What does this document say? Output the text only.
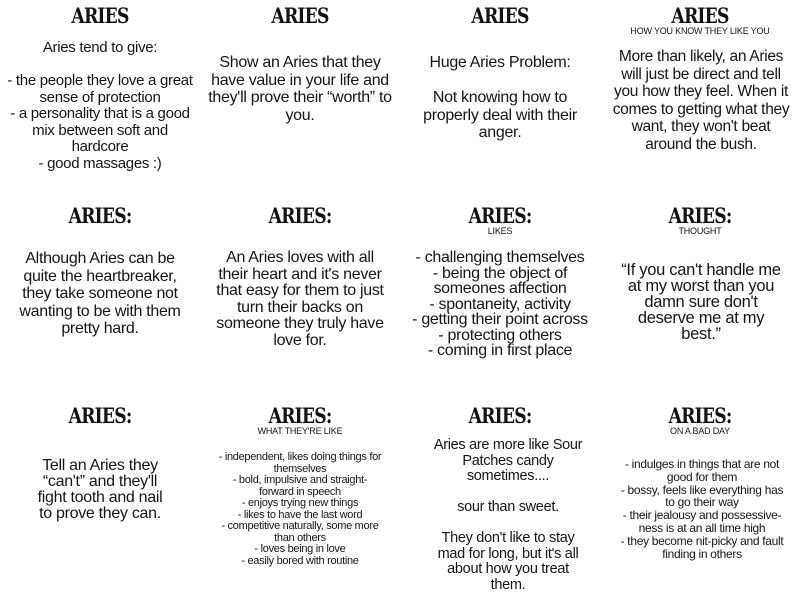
ARIES
Aries tend to give:

- the people they love a great sense of protection
- a personality that is a good mix between soft and hardcore
- good massages :)
ARIES
Show an Aries that they have value in your life and they'll prove their “worth” to you.
ARIES
Huge Aries Problem:

Not knowing how to properly deal with their anger.
ARIES
HOW YOU KNOW THEY LIKE YOU
More than likely, an Aries will just be direct and tell you how they feel. When it comes to getting what they want, they won't beat around the bush.
ARIES:
Although Aries can be quite the heartbreaker, they take someone not wanting to be with them pretty hard.
ARIES:
An Aries loves with all their heart and it's never that easy for them to just turn their backs on someone they truly have love for.
ARIES:
LIKES
- challenging themselves
- being the object of someones affection
- spontaneity, activity
- getting their point across
- protecting others
- coming in first place
ARIES:
THOUGHT
“If you can't handle me at my worst than you damn sure don't deserve me at my best.”
ARIES:
Tell an Aries they “can't” and they'll fight tooth and nail to prove they can.
ARIES:
WHAT THEY'RE LIKE
- independent, likes doing things for themselves
- bold, impulsive and straight-forward in speech
- enjoys trying new things
- likes to have the last word
- competitive naturally, some more than others
- loves being in love
- easily bored with routine
ARIES:
Aries are more like Sour Patches candy sometimes....

sour than sweet.

They don't like to stay mad for long, but it's all about how you treat them.
ARIES:
ON A BAD DAY
- indulges in things that are not good for them
- bossy, feels like everything has to go their way
- their jealousy and possessive-ness is at an all time high
- they become nit-picky and fault finding in others
